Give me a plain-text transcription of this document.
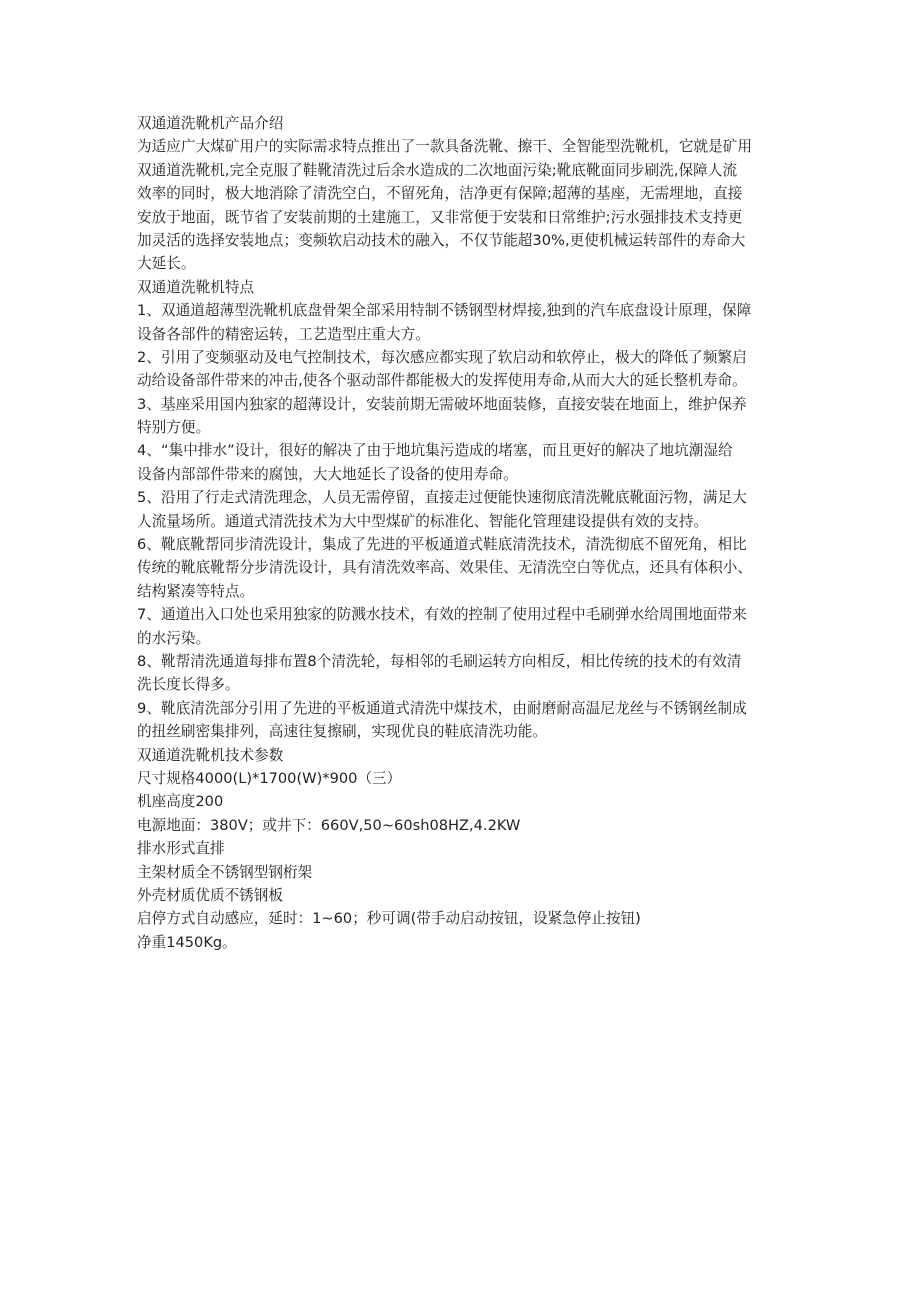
双通道洗靴机产品介绍
为适应广大煤矿用户的实际需求特点推出了一款具备洗靴、擦干、全智能型洗靴机，它就是矿用
双通道洗靴机,完全克服了鞋靴清洗过后余水造成的二次地面污染;靴底靴面同步刷洗,保障人流
效率的同时，极大地消除了清洗空白，不留死角，洁净更有保障;超薄的基座，无需埋地，直接
安放于地面，既节省了安装前期的土建施工，又非常便于安装和日常维护;污水强排技术支持更
加灵活的选择安装地点；变频软启动技术的融入，不仅节能超30%,更使机械运转部件的寿命大
大延长。
双通道洗靴机特点
1、双通道超薄型洗靴机底盘骨架全部采用特制不锈钢型材焊接,独到的汽车底盘设计原理，保障
设备各部件的精密运转，工艺造型庄重大方。
2、引用了变频驱动及电气控制技术，每次感应都实现了软启动和软停止，极大的降低了频繁启
动给设备部件带来的冲击,使各个驱动部件都能极大的发挥使用寿命,从而大大的延长整机寿命。
3、基座采用国内独家的超薄设计，安装前期无需破坏地面装修，直接安装在地面上，维护保养
特别方便。
4、“集中排水”设计，很好的解决了由于地坑集污造成的堵塞，而且更好的解决了地坑潮湿给
设备内部部件带来的腐蚀，大大地延长了设备的使用寿命。
5、沿用了行走式清洗理念，人员无需停留，直接走过便能快速彻底清洗靴底靴面污物，满足大
人流量场所。通道式清洗技术为大中型煤矿的标准化、智能化管理建设提供有效的支持。
6、靴底靴帮同步清洗设计，集成了先进的平板通道式鞋底清洗技术，清洗彻底不留死角，相比
传统的靴底靴帮分步清洗设计，具有清洗效率高、效果佳、无清洗空白等优点，还具有体积小、
结构紧凑等特点。
7、通道出入口处也采用独家的防溅水技术，有效的控制了使用过程中毛刷弹水给周围地面带来
的水污染。
8、靴帮清洗通道每排布置8个清洗轮，每相邻的毛刷运转方向相反，相比传统的技术的有效清
洗长度长得多。
9、靴底清洗部分引用了先进的平板通道式清洗中煤技术，由耐磨耐高温尼龙丝与不锈钢丝制成
的扭丝刷密集排列，高速往复擦刷，实现优良的鞋底清洗功能。
双通道洗靴机技术参数
尺寸规格4000(L)*1700(W)*900（三）
机座高度200
电源地面：380V；或井下：660V,50~60sh08HZ,4.2KW
排水形式直排
主架材质全不锈钢型钢桁架
外壳材质优质不锈钢板
启停方式自动感应，延时：1~60；秒可调(带手动启动按钮，设紧急停止按钮)
净重1450Kg。
